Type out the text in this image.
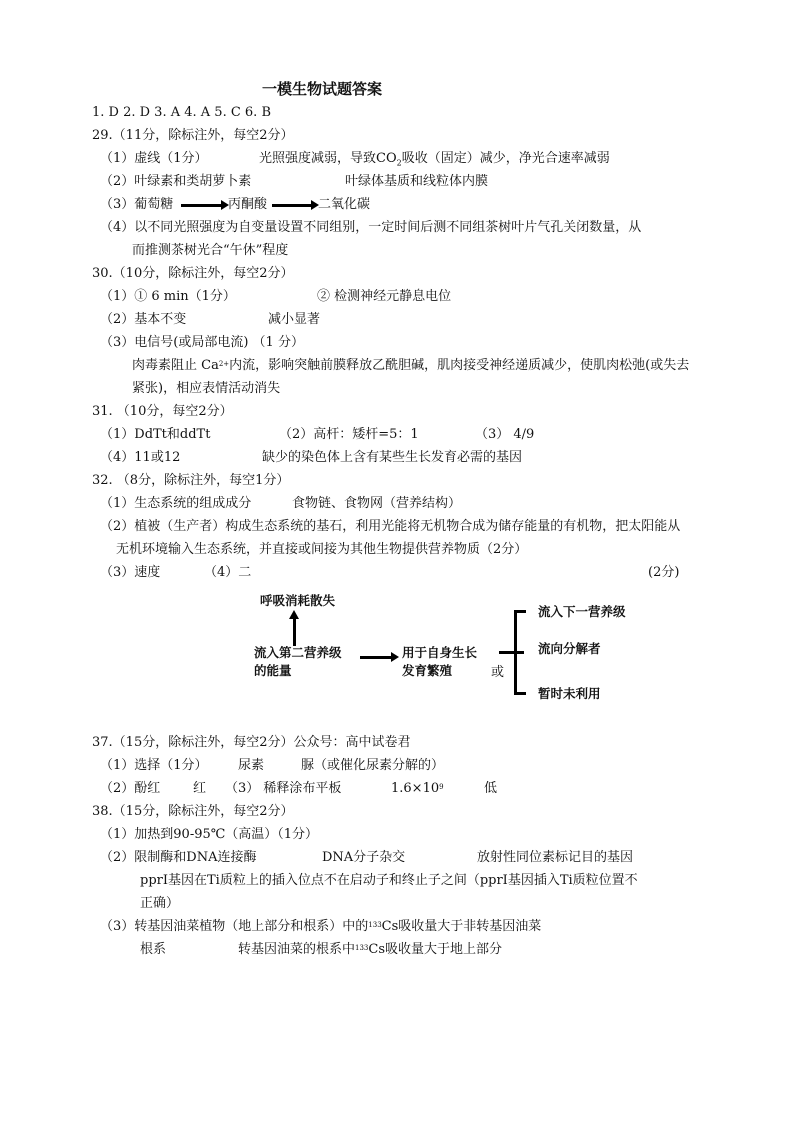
一模生物试题答案
1. D 2. D 3. A 4. A 5. C 6. B
29.（11分，除标注外，每空2分）
（1）虚线（1分）	光照强度减弱，导致$CO_2$吸收（固定）减少，净光合速率减弱
（2）叶绿素和类胡萝卜素	叶绿体基质和线粒体内膜
（3）葡萄糖	丙酮酸	二氧化碳
（4）以不同光照强度为自变量设置不同组别，一定时间后测不同组茶树叶片气孔关闭数量，从
而推测茶树光合“午休”程度
30.（10分，除标注外，每空2分）
（1）① 6 min（1分）	② 检测神经元静息电位
（2）基本不变	减小显著
（3）电信号(或局部电流) （1 分）
肉毒素阻止 $Ca^{2+}$内流，影响突触前膜释放乙酰胆碱，肌肉接受神经递质减少，使肌肉松弛(或失去
紧张)，相应表情活动消失
31. （10分，每空2分）
（1）DdTt和ddTt	（2）高杆：矮杆=5：1	（3） 4/9
（4）11或12	缺少的染色体上含有某些生长发育必需的基因
32. （8分，除标注外，每空1分）
（1）生态系统的组成成分	食物链、食物网（营养结构）
（2）植被（生产者）构成生态系统的基石，利用光能将无机物合成为储存能量的有机物，把太阳能从
无机环境输入生态系统，并直接或间接为其他生物提供营养物质（2分）
（3）速度	（4）二	(2分)
呼吸消耗散失
流入第二营养级
的能量
用于自身生长
发育繁殖	或
流入下一营养级
流向分解者
暂时未利用
37.（15分，除标注外，每空2分）公众号：高中试卷君
（1）选择（1分） 尿素	脲（或催化尿素分解的）
（2）酚红	红 （3） 稀释涂布平板	$1.6\times 10^9$	低
38.（15分，除标注外，每空2分）
（1）加热到90-95℃（高温）（1分）
（2）限制酶和DNA连接酶	DNA分子杂交	放射性同位素标记目的基因
pprⅠ基因在Ti质粒上的插入位点不在启动子和终止子之间（pprⅠ基因插入Ti质粒位置不
正确）
（3）转基因油菜植物（地上部分和根系）中的$^{133}$Cs吸收量大于非转基因油菜
根系	转基因油菜的根系中$^{133}$Cs吸收量大于地上部分
